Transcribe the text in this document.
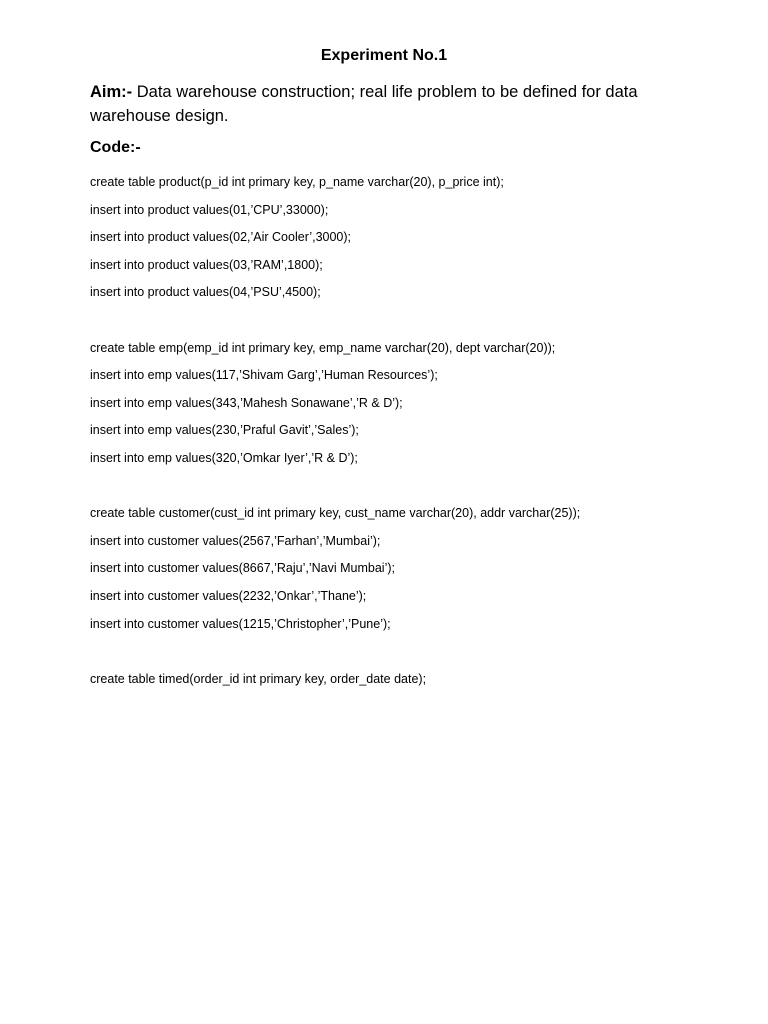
Experiment No.1
Aim:- Data warehouse construction; real life problem to be defined for data warehouse design.
Code:-
create table product(p_id int primary key, p_name varchar(20), p_price int);
insert into product values(01,’CPU’,33000);
insert into product values(02,’Air Cooler’,3000);
insert into product values(03,’RAM’,1800);
insert into product values(04,’PSU’,4500);
create table emp(emp_id int primary key, emp_name varchar(20), dept varchar(20));
insert into emp values(117,’Shivam Garg’,’Human Resources’);
insert into emp values(343,’Mahesh Sonawane’,’R & D’);
insert into emp values(230,’Praful Gavit’,’Sales’);
insert into emp values(320,’Omkar Iyer’,’R & D’);
create table customer(cust_id int primary key, cust_name varchar(20), addr varchar(25));
insert into customer values(2567,’Farhan’,’Mumbai’);
insert into customer values(8667,’Raju’,’Navi Mumbai’);
insert into customer values(2232,’Onkar’,’Thane’);
insert into customer values(1215,’Christopher’,’Pune’);
create table timed(order_id int primary key, order_date date);
